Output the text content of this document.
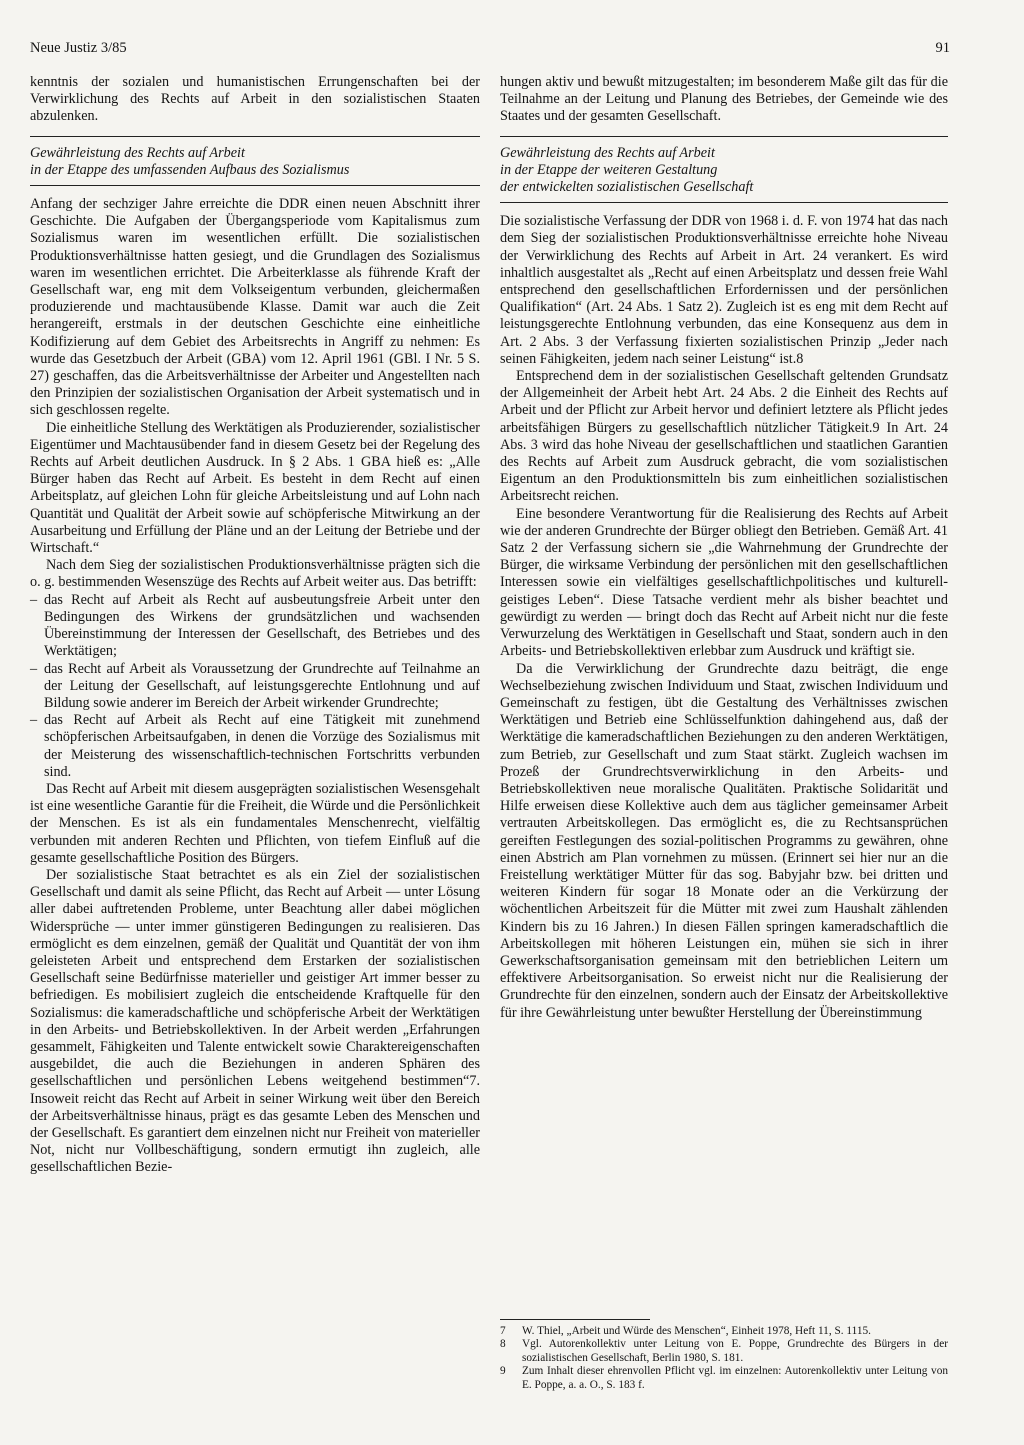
Neue Justiz 3/85	91

kenntnis der sozialen und humanistischen Errungenschaften bei der Verwirklichung des Rechts auf Arbeit in den sozialistischen Staaten abzulenken.

Gewährleistung des Rechts auf Arbeit
in der Etappe des umfassenden Aufbaus des Sozialismus

Anfang der sechziger Jahre erreichte die DDR einen neuen Abschnitt ihrer Geschichte. Die Aufgaben der Übergangsperiode vom Kapitalismus zum Sozialismus waren im wesentlichen erfüllt. Die sozialistischen Produktionsverhältnisse hatten gesiegt, und die Grundlagen des Sozialismus waren im wesentlichen errichtet. Die Arbeiterklasse als führende Kraft der Gesellschaft war, eng mit dem Volkseigentum verbunden, gleichermaßen produzierende und machtausübende Klasse. Damit war auch die Zeit herangereift, erstmals in der deutschen Geschichte eine einheitliche Kodifizierung auf dem Gebiet des Arbeitsrechts in Angriff zu nehmen: Es wurde das Gesetzbuch der Arbeit (GBA) vom 12. April 1961 (GBl. I Nr. 5 S. 27) geschaffen, das die Arbeitsverhältnisse der Arbeiter und Angestellten nach den Prinzipien der sozialistischen Organisation der Arbeit systematisch und in sich geschlossen regelte.

Die einheitliche Stellung des Werktätigen als Produzierender, sozialistischer Eigentümer und Machtausübender fand in diesem Gesetz bei der Regelung des Rechts auf Arbeit deutlichen Ausdruck. In § 2 Abs. 1 GBA hieß es: „Alle Bürger haben das Recht auf Arbeit. Es besteht in dem Recht auf einen Arbeitsplatz, auf gleichen Lohn für gleiche Arbeitsleistung und auf Lohn nach Quantität und Qualität der Arbeit sowie auf schöpferische Mitwirkung an der Ausarbeitung und Erfüllung der Pläne und an der Leitung der Betriebe und der Wirtschaft.“

Nach dem Sieg der sozialistischen Produktionsverhältnisse prägten sich die o. g. bestimmenden Wesenszüge des Rechts auf Arbeit weiter aus. Das betrifft:

– das Recht auf Arbeit als Recht auf ausbeutungsfreie Arbeit unter den Bedingungen des Wirkens der grundsätzlichen und wachsenden Übereinstimmung der Interessen der Gesellschaft, des Betriebes und des Werktätigen;
– das Recht auf Arbeit als Voraussetzung der Grundrechte auf Teilnahme an der Leitung der Gesellschaft, auf leistungsgerechte Entlohnung und auf Bildung sowie anderer im Bereich der Arbeit wirkender Grundrechte;
– das Recht auf Arbeit als Recht auf eine Tätigkeit mit zunehmend schöpferischen Arbeitsaufgaben, in denen die Vorzüge des Sozialismus mit der Meisterung des wissenschaftlich-technischen Fortschritts verbunden sind.

Das Recht auf Arbeit mit diesem ausgeprägten sozialistischen Wesensgehalt ist eine wesentliche Garantie für die Freiheit, die Würde und die Persönlichkeit der Menschen. Es ist als ein fundamentales Menschenrecht, vielfältig verbunden mit anderen Rechten und Pflichten, von tiefem Einfluß auf die gesamte gesellschaftliche Position des Bürgers.

Der sozialistische Staat betrachtet es als ein Ziel der sozialistischen Gesellschaft und damit als seine Pflicht, das Recht auf Arbeit — unter Lösung aller dabei auftretenden Probleme, unter Beachtung aller dabei möglichen Widersprüche — unter immer günstigeren Bedingungen zu realisieren. Das ermöglicht es dem einzelnen, gemäß der Qualität und Quantität der von ihm geleisteten Arbeit und entsprechend dem Erstarken der sozialistischen Gesellschaft seine Bedürfnisse materieller und geistiger Art immer besser zu befriedigen. Es mobilisiert zugleich die entscheidende Kraftquelle für den Sozialismus: die kameradschaftliche und schöpferische Arbeit der Werktätigen in den Arbeits- und Betriebskollektiven. In der Arbeit werden „Erfahrungen gesammelt, Fähigkeiten und Talente entwickelt sowie Charaktereigenschaften ausgebildet, die auch die Beziehungen in anderen Sphären des gesellschaftlichen und persönlichen Lebens weitgehend bestimmen“7. Insoweit reicht das Recht auf Arbeit in seiner Wirkung weit über den Bereich der Arbeitsverhältnisse hinaus, prägt es das gesamte Leben des Menschen und der Gesellschaft. Es garantiert dem einzelnen nicht nur Freiheit von materieller Not, nicht nur Vollbeschäftigung, sondern ermutigt ihn zugleich, alle gesellschaftlichen Bezie-

hungen aktiv und bewußt mitzugestalten; im besonderem Maße gilt das für die Teilnahme an der Leitung und Planung des Betriebes, der Gemeinde wie des Staates und der gesamten Gesellschaft.

Gewährleistung des Rechts auf Arbeit
in der Etappe der weiteren Gestaltung
der entwickelten sozialistischen Gesellschaft

Die sozialistische Verfassung der DDR von 1968 i. d. F. von 1974 hat das nach dem Sieg der sozialistischen Produktionsverhältnisse erreichte hohe Niveau der Verwirklichung des Rechts auf Arbeit in Art. 24 verankert. Es wird inhaltlich ausgestaltet als „Recht auf einen Arbeitsplatz und dessen freie Wahl entsprechend den gesellschaftlichen Erfordernissen und der persönlichen Qualifikation“ (Art. 24 Abs. 1 Satz 2). Zugleich ist es eng mit dem Recht auf leistungsgerechte Entlohnung verbunden, das eine Konsequenz aus dem in Art. 2 Abs. 3 der Verfassung fixierten sozialistischen Prinzip „Jeder nach seinen Fähigkeiten, jedem nach seiner Leistung“ ist.8

Entsprechend dem in der sozialistischen Gesellschaft geltenden Grundsatz der Allgemeinheit der Arbeit hebt Art. 24 Abs. 2 die Einheit des Rechts auf Arbeit und der Pflicht zur Arbeit hervor und definiert letztere als Pflicht jedes arbeitsfähigen Bürgers zu gesellschaftlich nützlicher Tätigkeit.9 In Art. 24 Abs. 3 wird das hohe Niveau der gesellschaftlichen und staatlichen Garantien des Rechts auf Arbeit zum Ausdruck gebracht, die vom sozialistischen Eigentum an den Produktionsmitteln bis zum einheitlichen sozialistischen Arbeitsrecht reichen.

Eine besondere Verantwortung für die Realisierung des Rechts auf Arbeit wie der anderen Grundrechte der Bürger obliegt den Betrieben. Gemäß Art. 41 Satz 2 der Verfassung sichern sie „die Wahrnehmung der Grundrechte der Bürger, die wirksame Verbindung der persönlichen mit den gesellschaftlichen Interessen sowie ein vielfältiges gesellschaftlichpolitisches und kulturell-geistiges Leben“. Diese Tatsache verdient mehr als bisher beachtet und gewürdigt zu werden — bringt doch das Recht auf Arbeit nicht nur die feste Verwurzelung des Werktätigen in Gesellschaft und Staat, sondern auch in den Arbeits- und Betriebskollektiven erlebbar zum Ausdruck und kräftigt sie.

Da die Verwirklichung der Grundrechte dazu beiträgt, die enge Wechselbeziehung zwischen Individuum und Staat, zwischen Individuum und Gemeinschaft zu festigen, übt die Gestaltung des Verhältnisses zwischen Werktätigen und Betrieb eine Schlüsselfunktion dahingehend aus, daß der Werktätige die kameradschaftlichen Beziehungen zu den anderen Werktätigen, zum Betrieb, zur Gesellschaft und zum Staat stärkt. Zugleich wachsen im Prozeß der Grundrechtsverwirklichung in den Arbeits- und Betriebskollektiven neue moralische Qualitäten. Praktische Solidarität und Hilfe erweisen diese Kollektive auch dem aus täglicher gemeinsamer Arbeit vertrauten Arbeitskollegen. Das ermöglicht es, die zu Rechtsansprüchen gereiften Festlegungen des sozial-politischen Programms zu gewähren, ohne einen Abstrich am Plan vornehmen zu müssen. (Erinnert sei hier nur an die Freistellung werktätiger Mütter für das sog. Babyjahr bzw. bei dritten und weiteren Kindern für sogar 18 Monate oder an die Verkürzung der wöchentlichen Arbeitszeit für die Mütter mit zwei zum Haushalt zählenden Kindern bis zu 16 Jahren.) In diesen Fällen springen kameradschaftlich die Arbeitskollegen mit höheren Leistungen ein, mühen sie sich in ihrer Gewerkschaftsorganisation gemeinsam mit den betrieblichen Leitern um effektivere Arbeitsorganisation. So erweist nicht nur die Realisierung der Grundrechte für den einzelnen, sondern auch der Einsatz der Arbeitskollektive für ihre Gewährleistung unter bewußter Herstellung der Übereinstimmung

7	W. Thiel, „Arbeit und Würde des Menschen“, Einheit 1978, Heft 11, S. 1115.
8	Vgl. Autorenkollektiv unter Leitung von E. Poppe, Grundrechte des Bürgers in der sozialistischen Gesellschaft, Berlin 1980, S. 181.
9	Zum Inhalt dieser ehrenvollen Pflicht vgl. im einzelnen: Autorenkollektiv unter Leitung von E. Poppe, a. a. O., S. 183 f.
